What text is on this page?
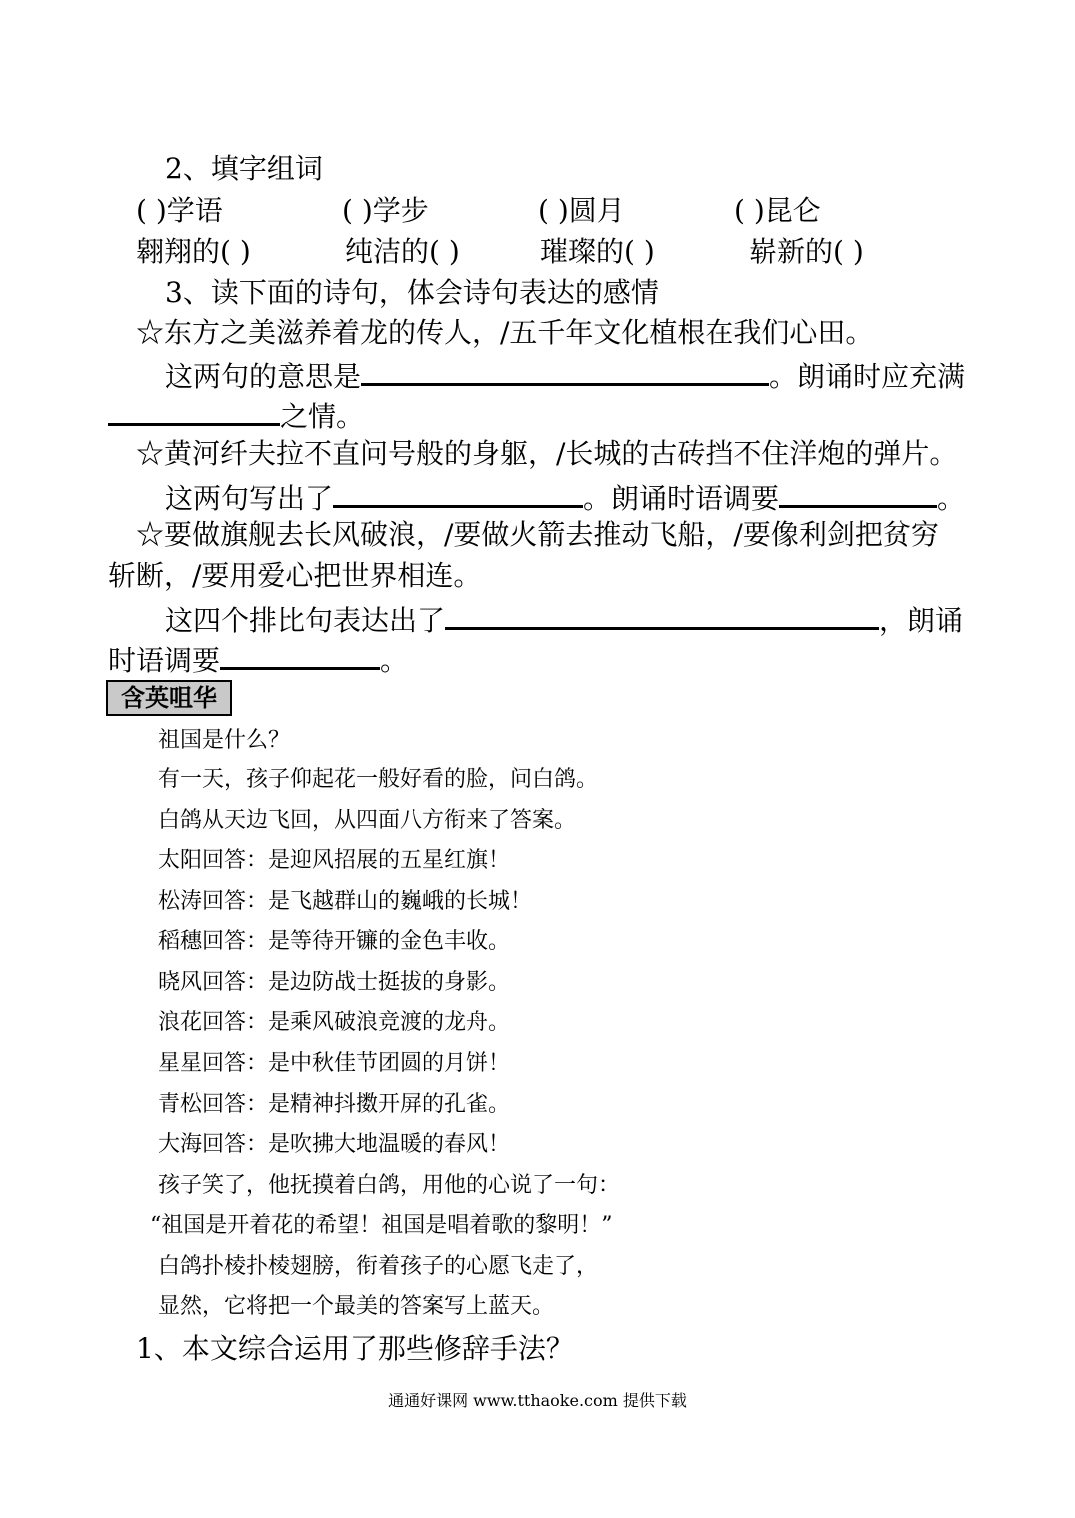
2、填字组词
( )学语	( )学步	( )圆月	( )昆仑
翱翔的( )	纯洁的( )	璀璨的( )	崭新的( )
3、读下面的诗句，体会诗句表达的感情
☆东方之美滋养着龙的传人，/五千年文化植根在我们心田。
这两句的意思是	。朗诵时应充满
之情。
☆黄河纤夫拉不直问号般的身躯，/长城的古砖挡不住洋炮的弹片。
这两句写出了	。朗诵时语调要	。
☆要做旗舰去长风破浪，/要做火箭去推动飞船，/要像利剑把贫穷
斩断，/要用爱心把世界相连。
这四个排比句表达出了	，朗诵
时语调要	。
含英咀华
祖国是什么？
有一天，孩子仰起花一般好看的脸，问白鸽。
白鸽从天边飞回，从四面八方衔来了答案。
太阳回答：是迎风招展的五星红旗！
松涛回答：是飞越群山的巍峨的长城！
稻穗回答：是等待开镰的金色丰收。
晓风回答：是边防战士挺拔的身影。
浪花回答：是乘风破浪竞渡的龙舟。
星星回答：是中秋佳节团圆的月饼！
青松回答：是精神抖擞开屏的孔雀。
大海回答：是吹拂大地温暖的春风！
孩子笑了，他抚摸着白鸽，用他的心说了一句：
“祖国是开着花的希望！祖国是唱着歌的黎明！”
白鸽扑棱扑棱翅膀，衔着孩子的心愿飞走了，
显然，它将把一个最美的答案写上蓝天。
1、本文综合运用了那些修辞手法？
通通好课网 www.tthaoke.com 提供下载
